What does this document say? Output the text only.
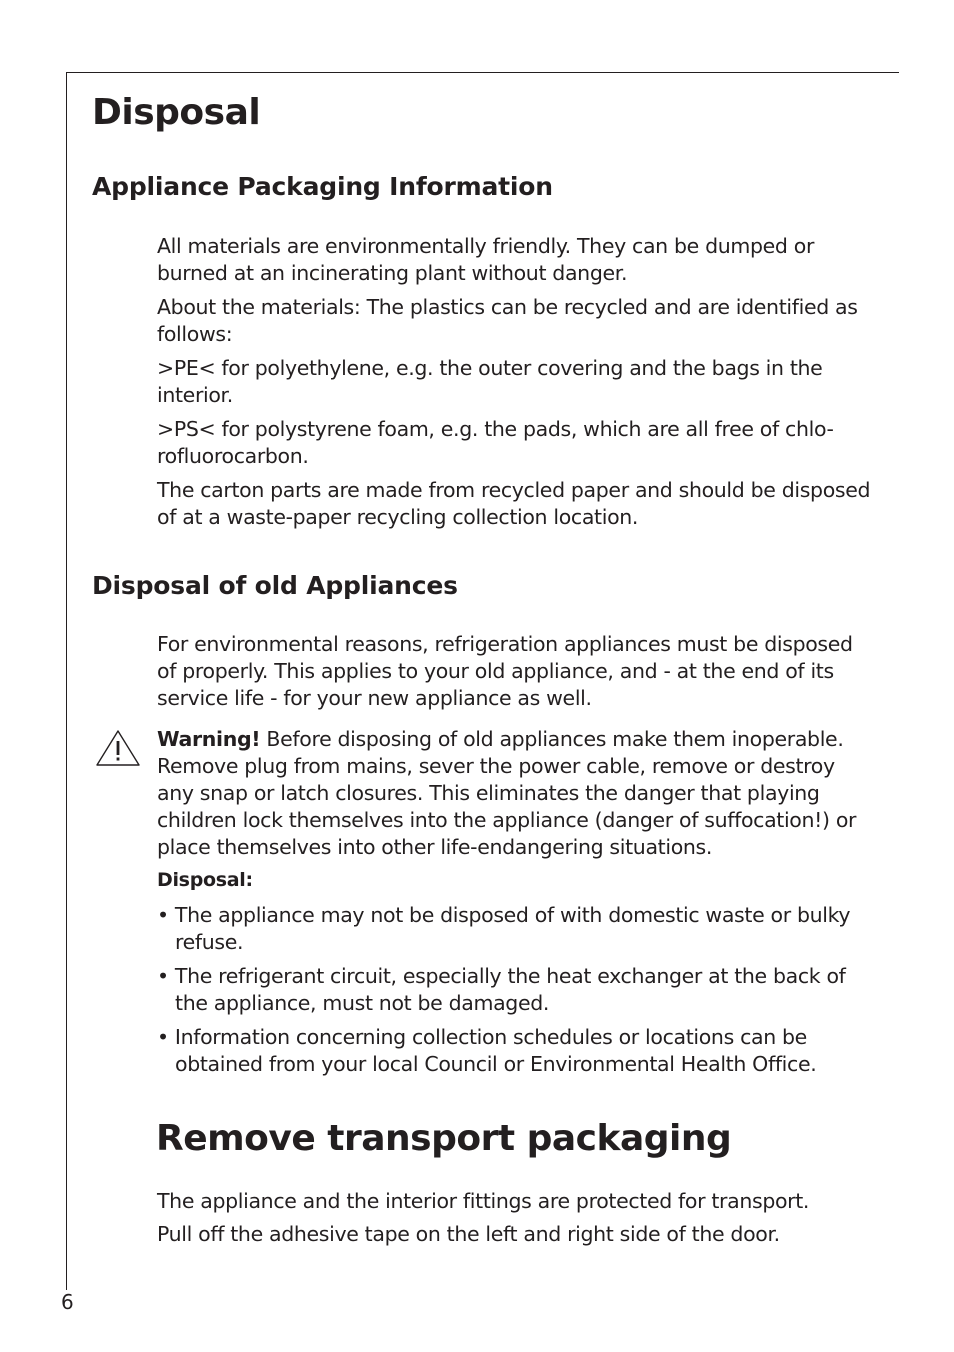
Disposal
Appliance Packaging Information

All materials are environmentally friendly. They can be dumped or burned at an incinerating plant without danger.

About the materials: The plastics can be recycled and are identified as follows:

>PE< for polyethylene, e.g. the outer covering and the bags in the interior.

>PS< for polystyrene foam, e.g. the pads, which are all free of chlo-rofluorocarbon.

The carton parts are made from recycled paper and should be disposed of at a waste-paper recycling collection location.

Disposal of old Appliances

For environmental reasons, refrigeration appliances must be disposed of properly. This applies to your old appliance, and - at the end of its service life - for your new appliance as well.

Warning! Before disposing of old appliances make them inoperable. Remove plug from mains, sever the power cable, remove or destroy any snap or latch closures. This eliminates the danger that playing children lock themselves into the appliance (danger of suffocation!) or place themselves into other life-endangering situations.

Disposal:

• The appliance may not be disposed of with domestic waste or bulky refuse.

• The refrigerant circuit, especially the heat exchanger at the back of the appliance, must not be damaged.

• Information concerning collection schedules or locations can be obtained from your local Council or Environmental Health Office.

Remove transport packaging

The appliance and the interior fittings are protected for transport.

Pull off the adhesive tape on the left and right side of the door.

6
